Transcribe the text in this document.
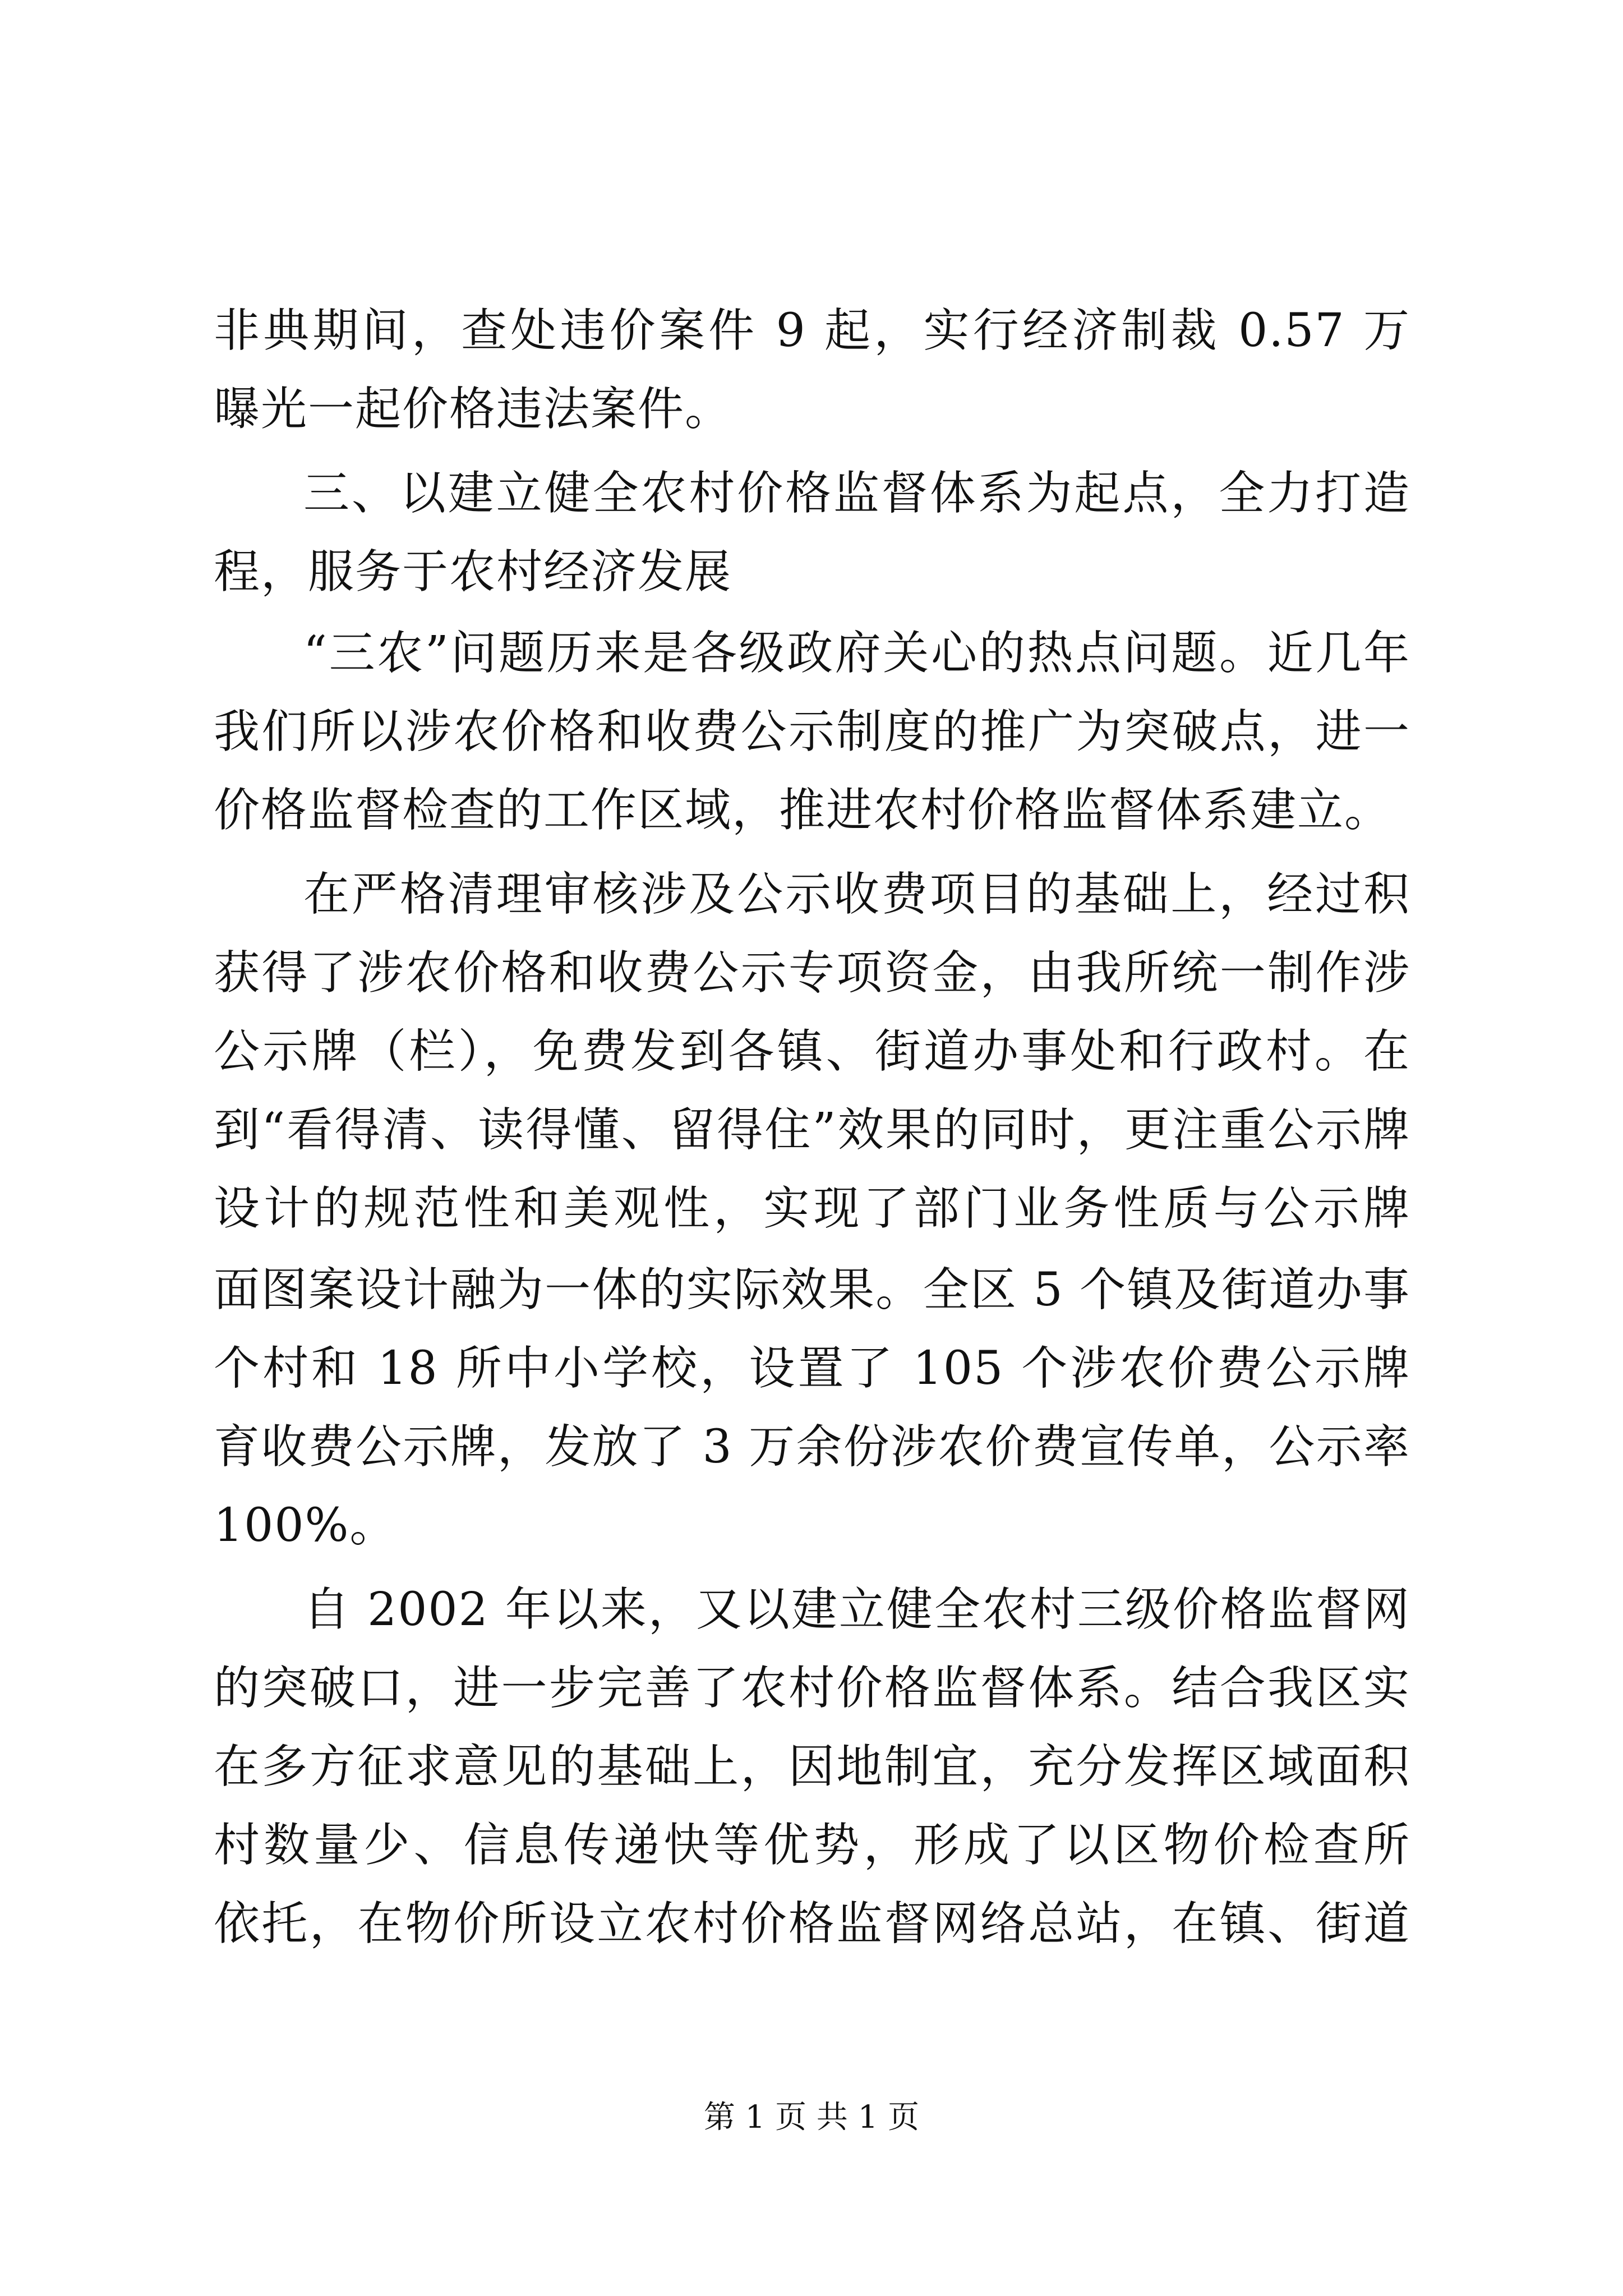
非典期间，查处违价案件 9 起，实行经济制裁 0.57 万
曝光一起价格违法案件。
三、以建立健全农村价格监督体系为起点，全力打造
程，服务于农村经济发展
“三农”问题历来是各级政府关心的热点问题。近几年
我们所以涉农价格和收费公示制度的推广为突破点，进一
价格监督检查的工作区域，推进农村价格监督体系建立。
在严格清理审核涉及公示收费项目的基础上，经过积
获得了涉农价格和收费公示专项资金，由我所统一制作涉
公示牌（栏），免费发到各镇、街道办事处和行政村。在
到“看得清、读得懂、留得住”效果的同时，更注重公示牌
设计的规范性和美观性，实现了部门业务性质与公示牌
面图案设计融为一体的实际效果。全区 5 个镇及街道办事
个村和 18 所中小学校，设置了 105 个涉农价费公示牌
育收费公示牌，发放了 3 万余份涉农价费宣传单，公示率
100%。
自 2002 年以来，又以建立健全农村三级价格监督网
的突破口，进一步完善了农村价格监督体系。结合我区实
在多方征求意见的基础上，因地制宜，充分发挥区域面积
村数量少、信息传递快等优势，形成了以区物价检查所
依托，在物价所设立农村价格监督网络总站，在镇、街道
第 1 页 共 1 页
